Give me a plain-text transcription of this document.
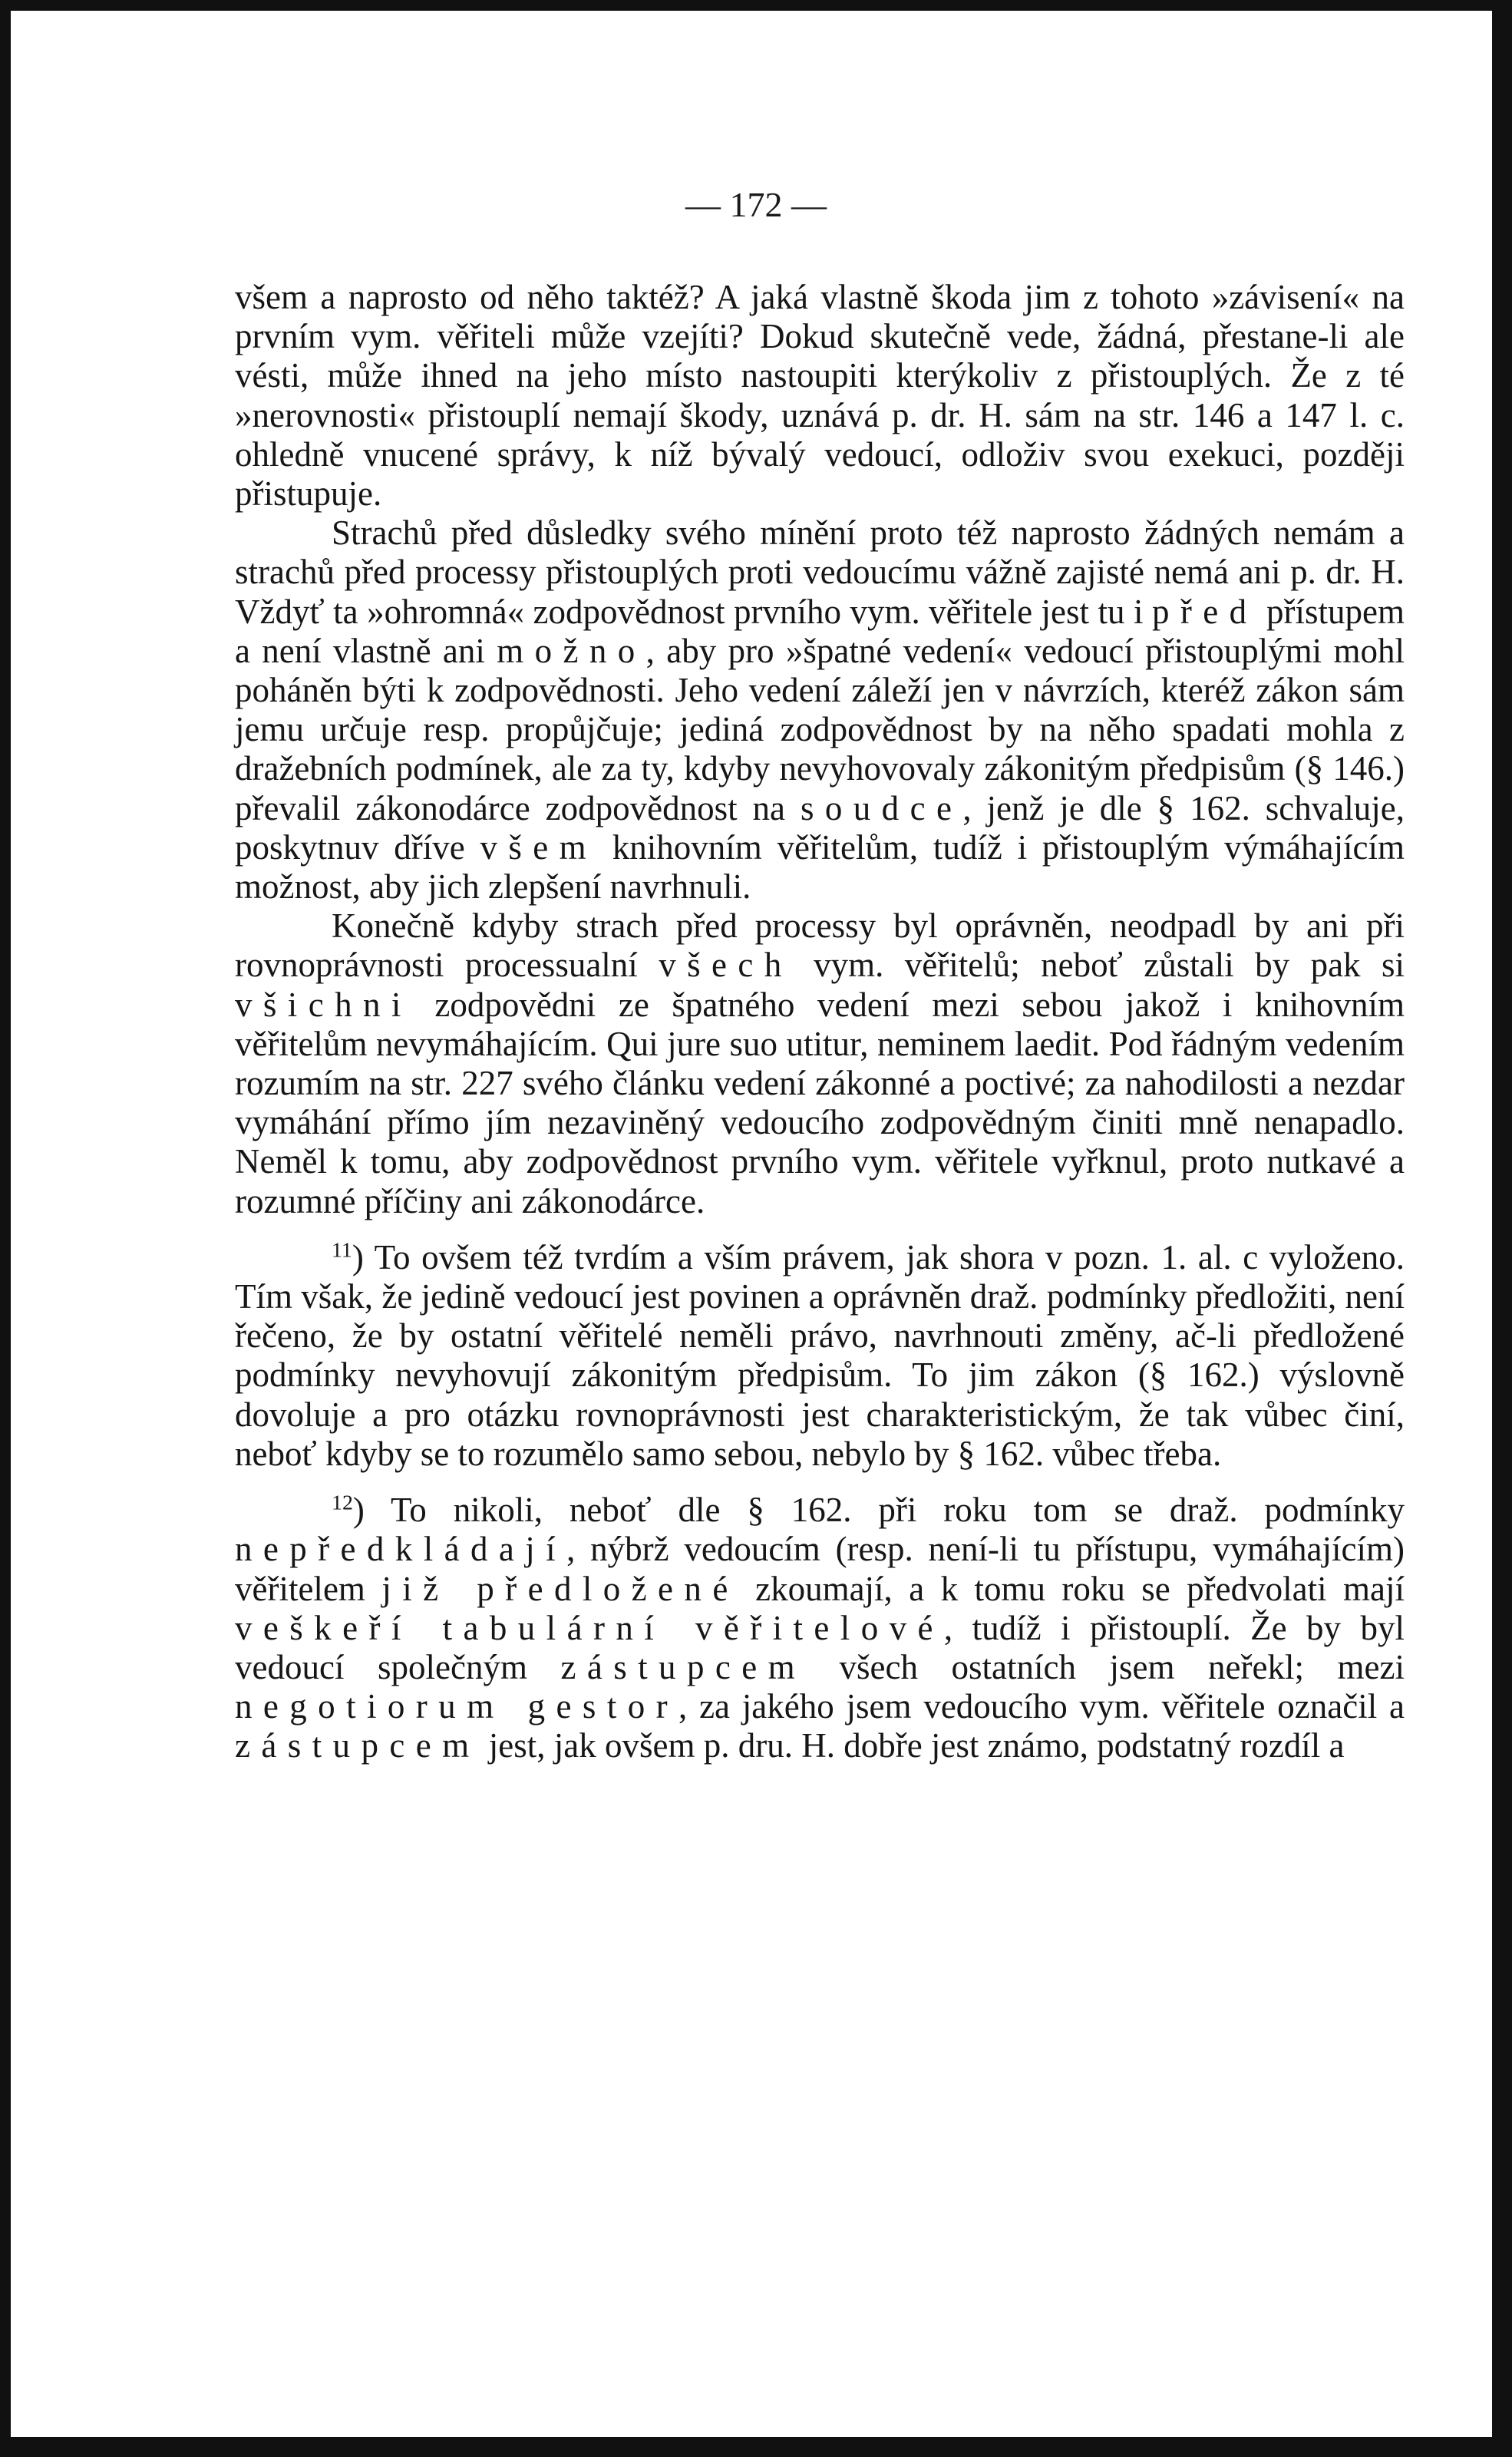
— 172 —

všem a naprosto od něho taktéž? A jaká vlastně škoda jim z tohoto »závisení« na prvním vym. věřiteli může vzejíti? Dokud skutečně vede, žádná, přestane-li ale vésti, může ihned na jeho místo nastoupiti kterýkoliv z přistouplých. Že z té »nerovnosti« přistouplí nemají škody, uznává p. dr. H. sám na str. 146 a 147 l. c. ohledně vnucené správy, k níž bývalý vedoucí, odloživ svou exekuci, později přistupuje.

Strachů před důsledky svého mínění proto též naprosto žádných nemám a strachů před processy přistouplých proti vedoucímu vážně zajisté nemá ani p. dr. H. Vždyť ta »ohromná« zodpovědnost prvního vym. věřitele jest tu i před přístupem a není vlastně ani možno, aby pro »špatné vedení« vedoucí přistouplými mohl poháněn býti k zodpovědnosti. Jeho vedení záleží jen v návrzích, kteréž zákon sám jemu určuje resp. propůjčuje; jediná zodpovědnost by na něho spadati mohla z dražebních podmínek, ale za ty, kdyby nevyhovovaly zákonitým předpisům (§ 146.) převalil zákonodárce zodpovědnost na soudce, jenž je dle § 162. schvaluje, poskytnuv dříve všem knihovním věřitelům, tudíž i přistouplým výmáhajícím možnost, aby jich zlepšení navrhnuli.

Konečně kdyby strach před processy byl oprávněn, neodpadl by ani při rovnoprávnosti processualní všech vym. věřitelů; neboť zůstali by pak si všichni zodpovědni ze špatného vedení mezi sebou jakož i knihovním věřitelům nevymáhajícím. Qui jure suo utitur, neminem laedit. Pod řádným vedením rozumím na str. 227 svého článku vedení zákonné a poctivé; za nahodilosti a nezdar vymáhání přímo jím nezaviněný vedoucího zodpovědným činiti mně nenapadlo. Neměl k tomu, aby zodpovědnost prvního vym. věřitele vyřknul, proto nutkavé a rozumné příčiny ani zákonodárce.

$^{11}$) To ovšem též tvrdím a vším právem, jak shora v pozn. 1. al. c vyloženo. Tím však, že jedině vedoucí jest povinen a oprávněn draž. podmínky předložiti, není řečeno, že by ostatní věřitelé neměli právo, navrhnouti změny, ač-li předložené podmínky nevyhovují zákonitým předpisům. To jim zákon (§ 162.) výslovně dovoluje a pro otázku rovnoprávnosti jest charakteristickým, že tak vůbec činí, neboť kdyby se to rozumělo samo sebou, nebylo by § 162. vůbec třeba.

$^{12}$) To nikoli, neboť dle § 162. při roku tom se draž. podmínky nepředkládají, nýbrž vedoucím (resp. není-li tu přístupu, vymáhajícím) věřitelem již předložené zkoumají, a k tomu roku se předvolati mají veškeří tabulární věřitelové, tudíž i přistouplí. Že by byl vedoucí společným zástupcem všech ostatních jsem neřekl; mezi negotiorum gestor, za jakého jsem vedoucího vym. věřitele označil a zástupcem jest, jak ovšem p. dru. H. dobře jest známo, podstatný rozdíl a
